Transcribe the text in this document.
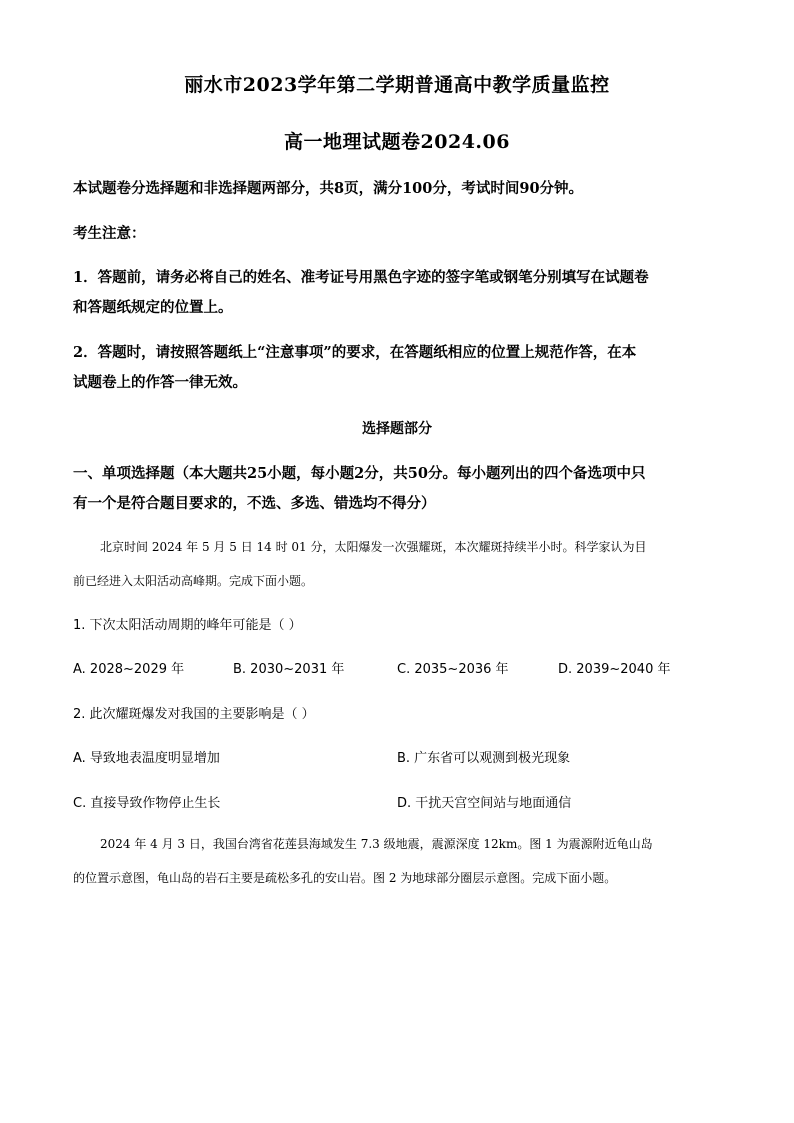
丽水市2023学年第二学期普通高中教学质量监控
高一地理试题卷2024.06
本试题卷分选择题和非选择题两部分，共8页，满分100分，考试时间90分钟。
考生注意：
1．答题前，请务必将自己的姓名、准考证号用黑色字迹的签字笔或钢笔分别填写在试题卷
和答题纸规定的位置上。
2．答题时，请按照答题纸上“注意事项”的要求，在答题纸相应的位置上规范作答，在本
试题卷上的作答一律无效。
选择题部分
一、单项选择题（本大题共25小题，每小题2分，共50分。每小题列出的四个备选项中只
有一个是符合题目要求的，不选、多选、错选均不得分）
北京时间 2024 年 5 月 5 日 14 时 01 分，太阳爆发一次强耀斑，本次耀斑持续半小时。科学家认为目
前已经进入太阳活动高峰期。完成下面小题。
1. 下次太阳活动周期的峰年可能是（ ）
A. 2028~2029 年	B. 2030~2031 年	C. 2035~2036 年	D. 2039~2040 年
2. 此次耀斑爆发对我国的主要影响是（ ）
A. 导致地表温度明显增加	B. 广东省可以观测到极光现象
C. 直接导致作物停止生长	D. 干扰天宫空间站与地面通信
2024 年 4 月 3 日，我国台湾省花莲县海域发生 7.3 级地震，震源深度 12km。图 1 为震源附近龟山岛
的位置示意图，龟山岛的岩石主要是疏松多孔的安山岩。图 2 为地球部分圈层示意图。完成下面小题。
